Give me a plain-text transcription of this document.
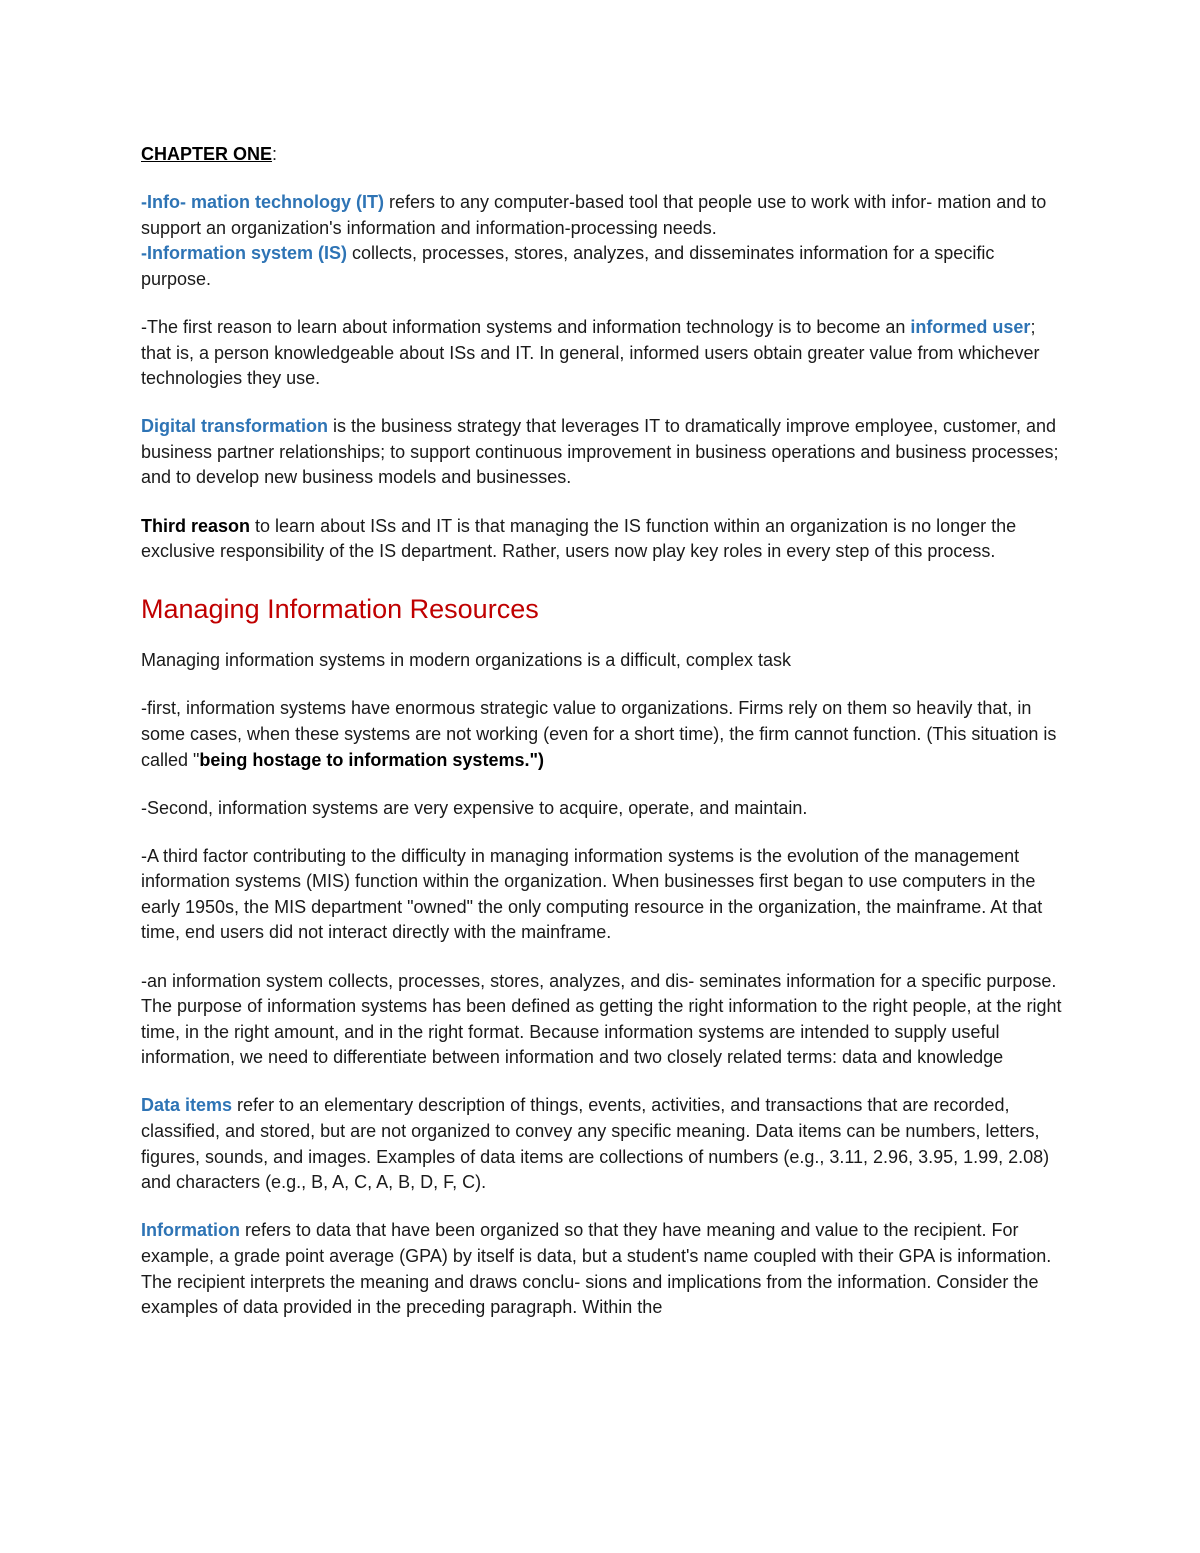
CHAPTER ONE:

-Info- mation technology (IT) refers to any computer-based tool that people use to work with infor- mation and to support an organization's information and information-processing needs.

-Information system (IS) collects, processes, stores, analyzes, and disseminates information for a specific purpose.

-The first reason to learn about information systems and information technology is to become an informed user; that is, a person knowledgeable about ISs and IT. In general, informed users obtain greater value from whichever technologies they use.

Digital transformation is the business strategy that leverages IT to dramatically improve employee, customer, and business partner relationships; to support continuous improvement in business operations and business processes; and to develop new business models and businesses.

Third reason to learn about ISs and IT is that managing the IS function within an organization is no longer the exclusive responsibility of the IS department. Rather, users now play key roles in every step of this process.

Managing Information Resources

Managing information systems in modern organizations is a difficult, complex task

-first, information systems have enormous strategic value to organizations. Firms rely on them so heavily that, in some cases, when these systems are not working (even for a short time), the firm cannot function. (This situation is called "being hostage to information systems.")

-Second, information systems are very expensive to acquire, operate, and maintain.

-A third factor contributing to the difficulty in managing information systems is the evolution of the management information systems (MIS) function within the organization. When businesses first began to use computers in the early 1950s, the MIS department "owned" the only computing resource in the organization, the mainframe. At that time, end users did not interact directly with the mainframe.

-an information system collects, processes, stores, analyzes, and dis- seminates information for a specific purpose. The purpose of information systems has been defined as getting the right information to the right people, at the right time, in the right amount, and in the right format. Because information systems are intended to supply useful information, we need to differentiate between information and two closely related terms: data and knowledge

Data items refer to an elementary description of things, events, activities, and transactions that are recorded, classified, and stored, but are not organized to convey any specific meaning. Data items can be numbers, letters, figures, sounds, and images. Examples of data items are collections of numbers (e.g., 3.11, 2.96, 3.95, 1.99, 2.08) and characters (e.g., B, A, C, A, B, D, F, C).

Information refers to data that have been organized so that they have meaning and value to the recipient. For example, a grade point average (GPA) by itself is data, but a student's name coupled with their GPA is information. The recipient interprets the meaning and draws conclu- sions and implications from the information. Consider the examples of data provided in the preceding paragraph. Within the
